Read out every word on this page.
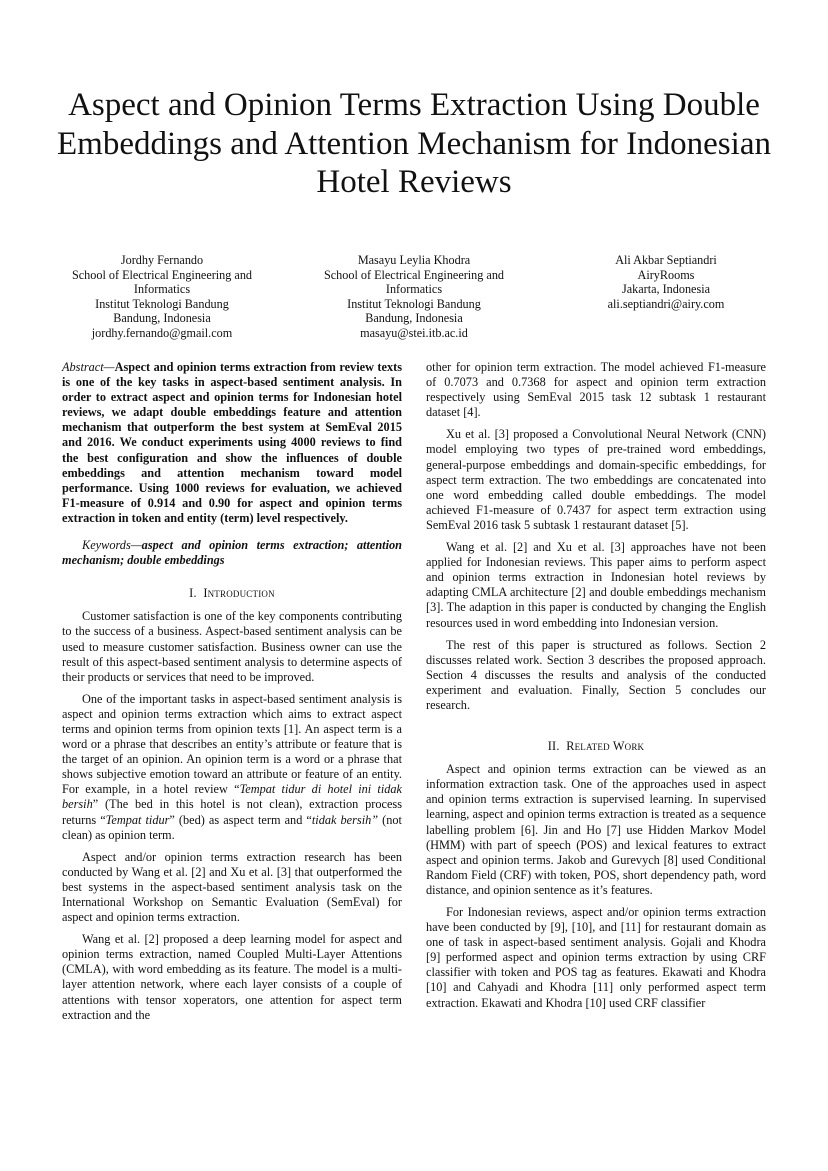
Aspect and Opinion Terms Extraction Using Double Embeddings and Attention Mechanism for Indonesian Hotel Reviews
Jordhy Fernando
School of Electrical Engineering and
Informatics
Institut Teknologi Bandung
Bandung, Indonesia
jordhy.fernando@gmail.com
Masayu Leylia Khodra
School of Electrical Engineering and
Informatics
Institut Teknologi Bandung
Bandung, Indonesia
masayu@stei.itb.ac.id
Ali Akbar Septiandri
AiryRooms
Jakarta, Indonesia
ali.septiandri@airy.com

Abstract—Aspect and opinion terms extraction from review texts is one of the key tasks in aspect-based sentiment analysis. In order to extract aspect and opinion terms for Indonesian hotel reviews, we adapt double embeddings feature and attention mechanism that outperform the best system at SemEval 2015 and 2016. We conduct experiments using 4000 reviews to find the best configuration and show the influences of double embeddings and attention mechanism toward model performance. Using 1000 reviews for evaluation, we achieved F1-measure of 0.914 and 0.90 for aspect and opinion terms extraction in token and entity (term) level respectively.

Keywords—aspect and opinion terms extraction; attention mechanism; double embeddings

I. Introduction

Customer satisfaction is one of the key components contributing to the success of a business. Aspect-based sentiment analysis can be used to measure customer satisfaction. Business owner can use the result of this aspect-based sentiment analysis to determine aspects of their products or services that need to be improved.

One of the important tasks in aspect-based sentiment analysis is aspect and opinion terms extraction which aims to extract aspect terms and opinion terms from opinion texts [1]. An aspect term is a word or a phrase that describes an entity’s attribute or feature that is the target of an opinion. An opinion term is a word or a phrase that shows subjective emotion toward an attribute or feature of an entity. For example, in a hotel review “Tempat tidur di hotel ini tidak bersih” (The bed in this hotel is not clean), extraction process returns “Tempat tidur” (bed) as aspect term and “tidak bersih” (not clean) as opinion term.

Aspect and/or opinion terms extraction research has been conducted by Wang et al. [2] and Xu et al. [3] that outperformed the best systems in the aspect-based sentiment analysis task on the International Workshop on Semantic Evaluation (SemEval) for aspect and opinion terms extraction.

Wang et al. [2] proposed a deep learning model for aspect and opinion terms extraction, named Coupled Multi-Layer Attentions (CMLA), with word embedding as its feature. The model is a multi-layer attention network, where each layer consists of a couple of attentions with tensor xoperators, one attention for aspect term extraction and the

other for opinion term extraction. The model achieved F1-measure of 0.7073 and 0.7368 for aspect and opinion term extraction respectively using SemEval 2015 task 12 subtask 1 restaurant dataset [4].

Xu et al. [3] proposed a Convolutional Neural Network (CNN) model employing two types of pre-trained word embeddings, general-purpose embeddings and domain-specific embeddings, for aspect term extraction. The two embeddings are concatenated into one word embedding called double embeddings. The model achieved F1-measure of 0.7437 for aspect term extraction using SemEval 2016 task 5 subtask 1 restaurant dataset [5].

Wang et al. [2] and Xu et al. [3] approaches have not been applied for Indonesian reviews. This paper aims to perform aspect and opinion terms extraction in Indonesian hotel reviews by adapting CMLA architecture [2] and double embeddings mechanism [3]. The adaption in this paper is conducted by changing the English resources used in word embedding into Indonesian version.

The rest of this paper is structured as follows. Section 2 discusses related work. Section 3 describes the proposed approach. Section 4 discusses the results and analysis of the conducted experiment and evaluation. Finally, Section 5 concludes our research.

II. Related Work

Aspect and opinion terms extraction can be viewed as an information extraction task. One of the approaches used in aspect and opinion terms extraction is supervised learning. In supervised learning, aspect and opinion terms extraction is treated as a sequence labelling problem [6]. Jin and Ho [7] use Hidden Markov Model (HMM) with part of speech (POS) and lexical features to extract aspect and opinion terms. Jakob and Gurevych [8] used Conditional Random Field (CRF) with token, POS, short dependency path, word distance, and opinion sentence as it’s features.

For Indonesian reviews, aspect and/or opinion terms extraction have been conducted by [9], [10], and [11] for restaurant domain as one of task in aspect-based sentiment analysis. Gojali and Khodra [9] performed aspect and opinion terms extraction by using CRF classifier with token and POS tag as features. Ekawati and Khodra [10] and Cahyadi and Khodra [11] only performed aspect term extraction. Ekawati and Khodra [10] used CRF classifier
